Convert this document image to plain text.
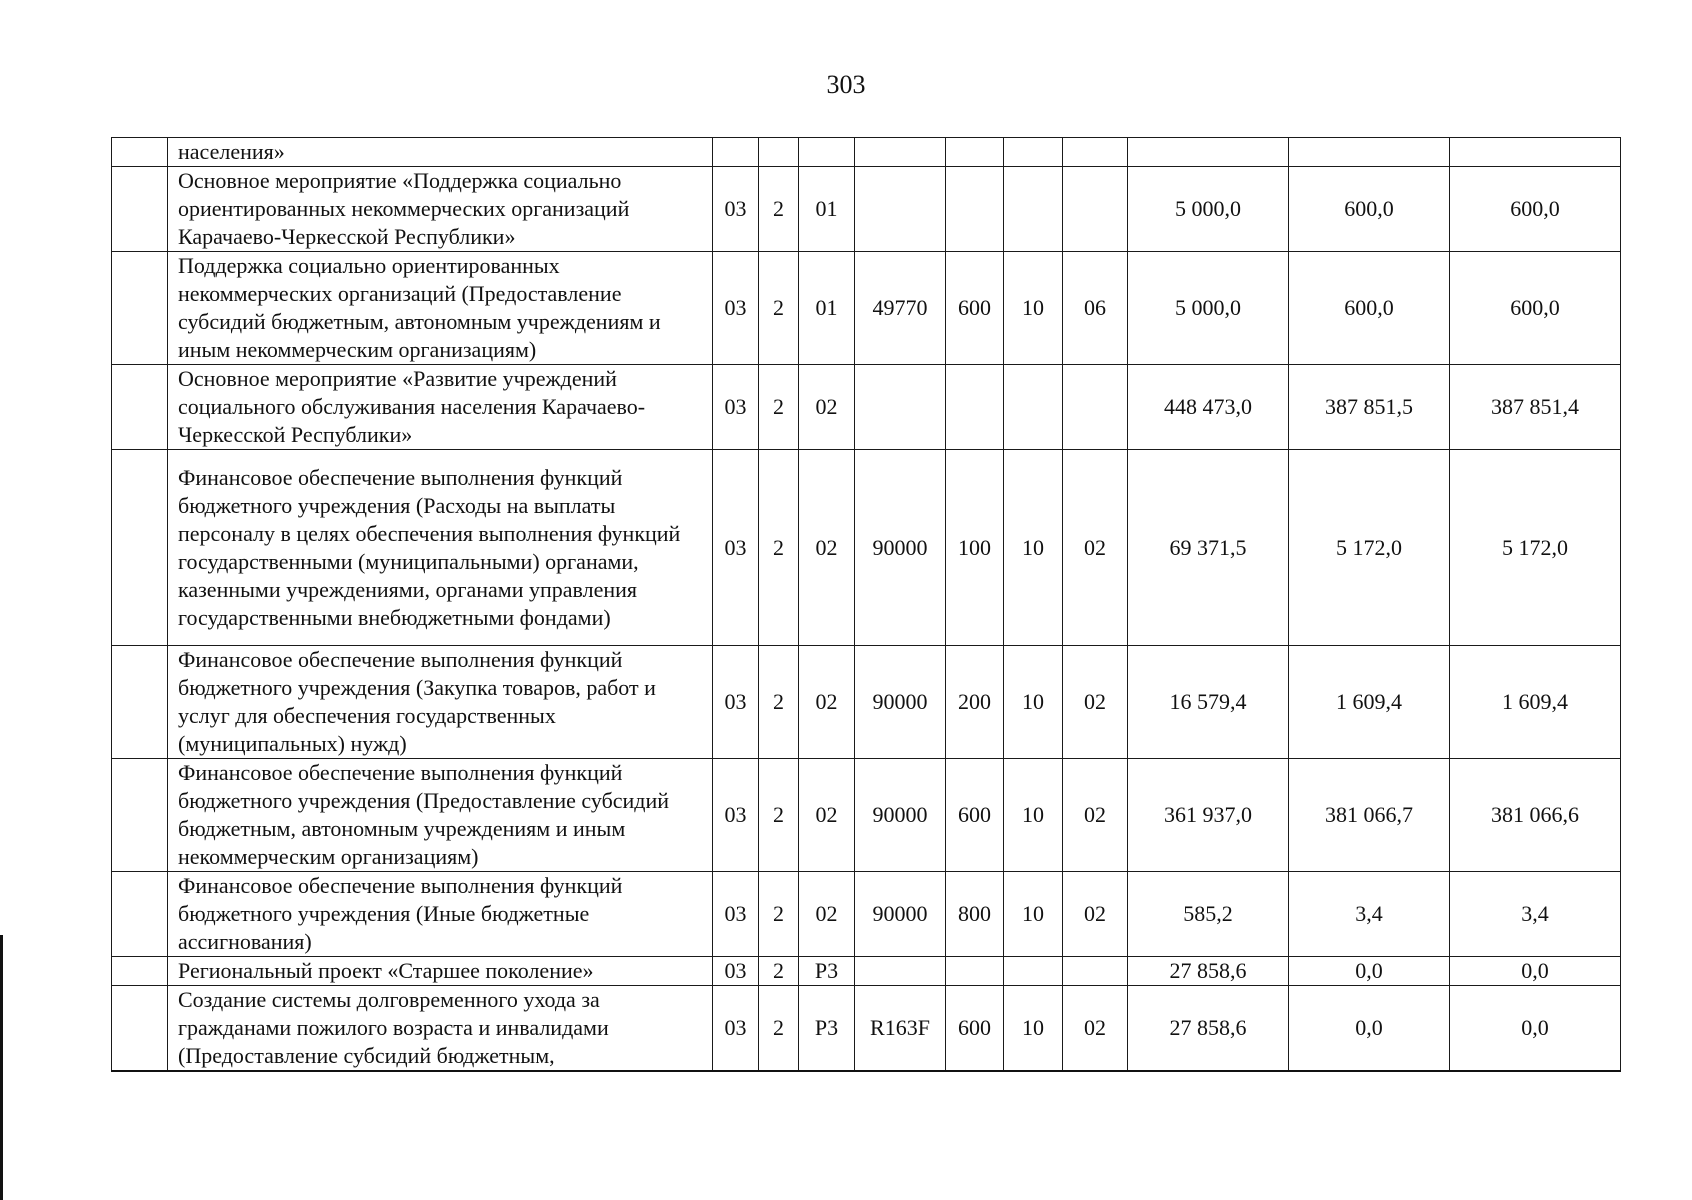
303
	населения»										
	Основное мероприятие «Поддержка социально ориентированных некоммерческих организаций Карачаево-Черкесской Республики»	03	2	01					5 000,0	600,0	600,0
	Поддержка социально ориентированных некоммерческих организаций (Предоставление субсидий бюджетным, автономным учреждениям и иным некоммерческим организациям)	03	2	01	49770	600	10	06	5 000,0	600,0	600,0
	Основное мероприятие «Развитие учреждений социального обслуживания населения Карачаево-Черкесской Республики»	03	2	02					448 473,0	387 851,5	387 851,4
	Финансовое обеспечение выполнения функций бюджетного учреждения (Расходы на выплаты персоналу в целях обеспечения выполнения функций государственными (муниципальными) органами, казенными учреждениями, органами управления государственными внебюджетными фондами)	03	2	02	90000	100	10	02	69 371,5	5 172,0	5 172,0
	Финансовое обеспечение выполнения функций бюджетного учреждения (Закупка товаров, работ и услуг для обеспечения государственных (муниципальных) нужд)	03	2	02	90000	200	10	02	16 579,4	1 609,4	1 609,4
	Финансовое обеспечение выполнения функций бюджетного учреждения (Предоставление субсидий бюджетным, автономным учреждениям и иным некоммерческим организациям)	03	2	02	90000	600	10	02	361 937,0	381 066,7	381 066,6
	Финансовое обеспечение выполнения функций бюджетного учреждения (Иные бюджетные ассигнования)	03	2	02	90000	800	10	02	585,2	3,4	3,4
	Региональный проект «Старшее поколение»	03	2	P3					27 858,6	0,0	0,0
	Создание системы долговременного ухода за гражданами пожилого возраста и инвалидами (Предоставление субсидий бюджетным,	03	2	P3	R163F	600	10	02	27 858,6	0,0	0,0
